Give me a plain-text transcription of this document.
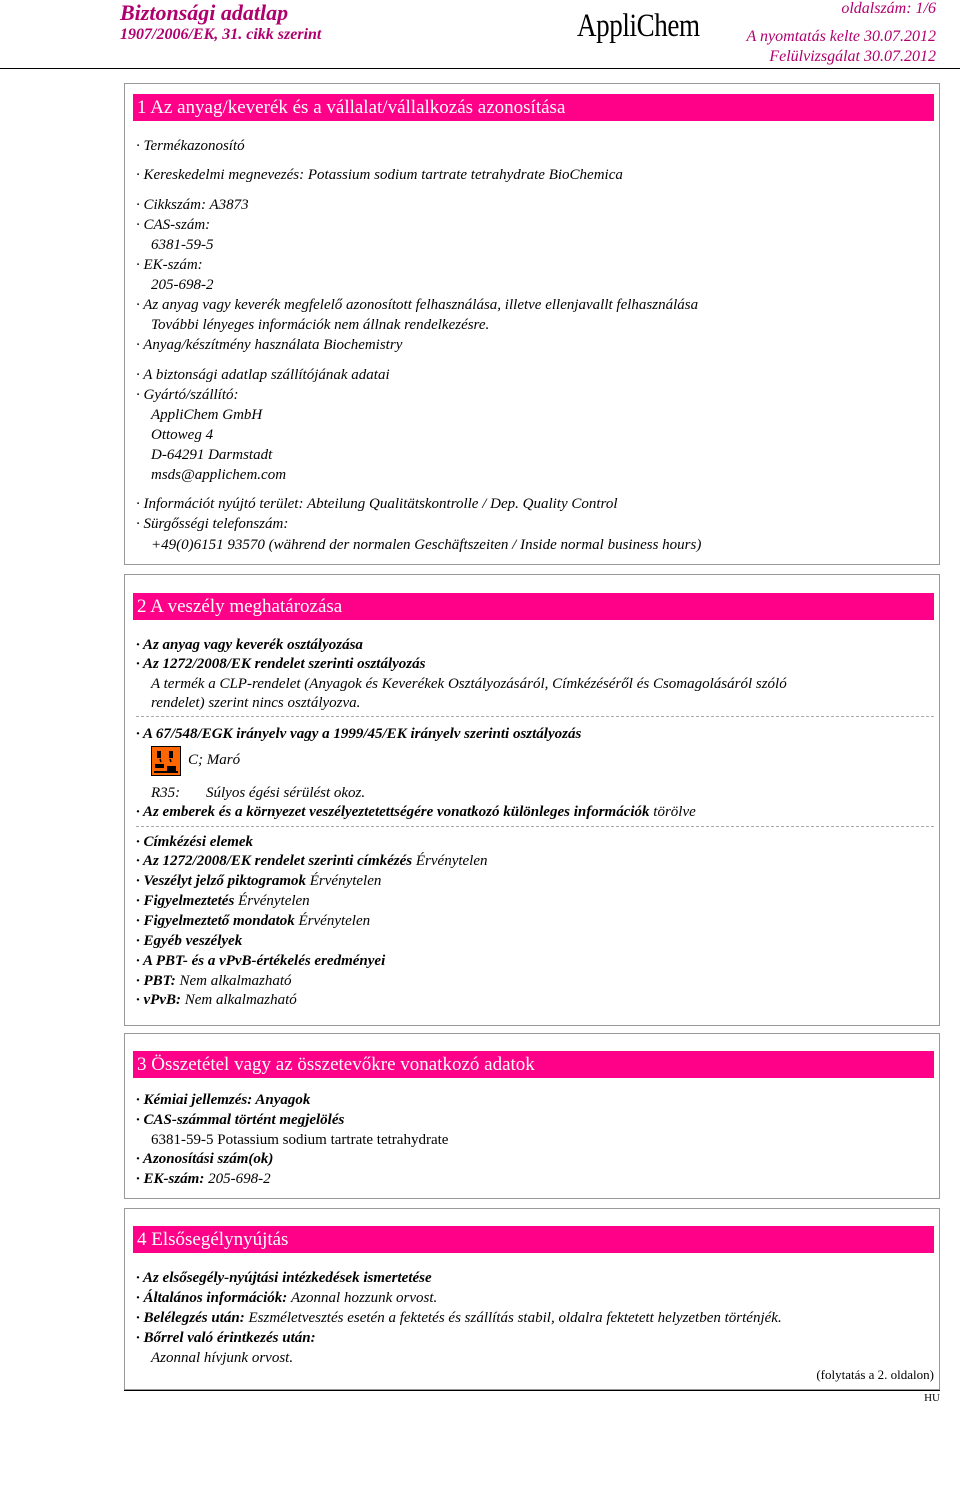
Biztonsági adatlap
1907/2006/EK, 31. cikk szerint	AppliChem	oldalszám: 1/6
A nyomtatás kelte 30.07.2012
Felülvizsgálat 30.07.2012
1 Az anyag/keverék és a vállalat/vállalkozás azonosítása
· Termékazonosító
· Kereskedelmi megnevezés: Potassium sodium tartrate tetrahydrate BioChemica
· Cikkszám: A3873
· CAS-szám:
6381-59-5
· EK-szám:
205-698-2
· Az anyag vagy keverék megfelelő azonosított felhasználása, illetve ellenjavallt felhasználása
További lényeges információk nem állnak rendelkezésre.
· Anyag/készítmény használata Biochemistry
· A biztonsági adatlap szállítójának adatai
· Gyártó/szállító:
AppliChem GmbH
Ottoweg 4
D-64291 Darmstadt
msds@applichem.com
· Információt nyújtó terület: Abteilung Qualitätskontrolle / Dep. Quality Control
· Sürgősségi telefonszám:
+49(0)6151 93570 (während der normalen Geschäftszeiten / Inside normal business hours)
2 A veszély meghatározása
· Az anyag vagy keverék osztályozása
· Az 1272/2008/EK rendelet szerinti osztályozás
A termék a CLP-rendelet (Anyagok és Keverékek Osztályozásáról, Címkézéséről és Csomagolásáról szóló
rendelet) szerint nincs osztályozva.
· A 67/548/EGK irányelv vagy a 1999/45/EK irányelv szerinti osztályozás
C; Maró
R35: Súlyos égési sérülést okoz.
· Az emberek és a környezet veszélyeztetettségére vonatkozó különleges információk törölve
· Címkézési elemek
· Az 1272/2008/EK rendelet szerinti címkézés Érvénytelen
· Veszélyt jelző piktogramok Érvénytelen
· Figyelmeztetés Érvénytelen
· Figyelmeztető mondatok Érvénytelen
· Egyéb veszélyek
· A PBT- és a vPvB-értékelés eredményei
· PBT: Nem alkalmazható
· vPvB: Nem alkalmazható
3 Összetétel vagy az összetevőkre vonatkozó adatok
· Kémiai jellemzés: Anyagok
· CAS-számmal történt megjelölés
6381-59-5 Potassium sodium tartrate tetrahydrate
· Azonosítási szám(ok)
· EK-szám: 205-698-2
4 Elsősegélynyújtás
· Az elsősegély-nyújtási intézkedések ismertetése
· Általános információk: Azonnal hozzunk orvost.
· Belélegzés után: Eszméletvesztés esetén a fektetés és szállítás stabil, oldalra fektetett helyzetben történjék.
· Bőrrel való érintkezés után:
Azonnal hívjunk orvost.
(folytatás a 2. oldalon)
HU
